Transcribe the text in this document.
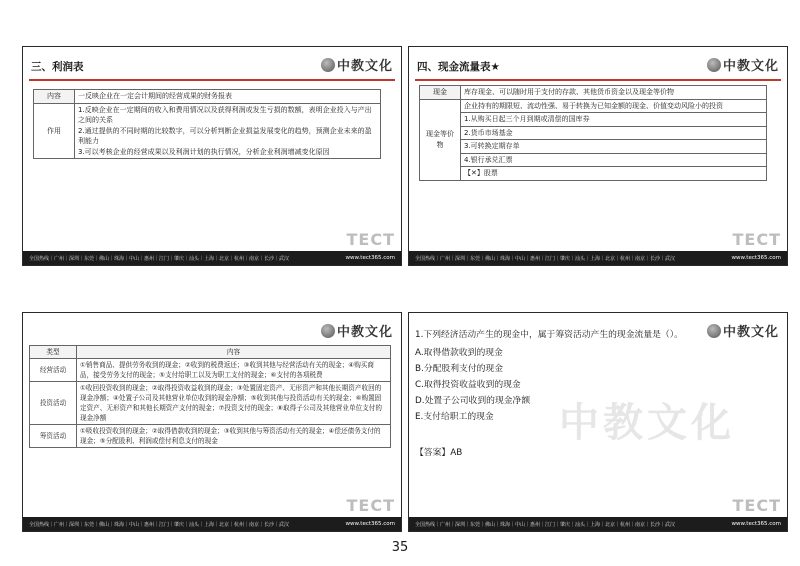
三、利润表	中教文化
内容	一反映企业在一定会计期间的经营成果的财务报表
作用	1.反映企业在一定期间的收入和费用情况以及获得利润或发生亏损的数额，表明企业投入与产出之间的关系
2.通过提供的不同时期的比较数字，可以分析判断企业损益发展变化的趋势，预测企业未来的盈利能力
3.可以考核企业的经营成果以及利润计划的执行情况，分析企业利润增减变化原因
TECT
全国热线｜广州｜深圳｜东莞｜佛山｜珠海｜中山｜惠州｜江门｜肇庆｜汕头｜上海｜北京｜杭州｜南京｜长沙｜武汉	www.tect365.com
四、现金流量表★	中教文化
现金	库存现金、可以随时用于支付的存款、其他货币资金以及现金等价物
现金等价物	企业持有的期限短、流动性强、易于转换为已知金额的现金、价值变动风险小的投资
	1.从购买日起三个月到期或清偿的国库券
	2.货币市场基金
	3.可转换定期存单
	4.银行承兑汇票
	【✕】股票
TECT
全国热线｜广州｜深圳｜东莞｜佛山｜珠海｜中山｜惠州｜江门｜肇庆｜汕头｜上海｜北京｜杭州｜南京｜长沙｜武汉	www.tect365.com
中教文化
类型	内容
经营活动	①销售商品、提供劳务收到的现金；②收到的税费返还；③收到其他与经营活动有关的现金；④购买商品，接受劳务支付的现金；⑤支付给职工以及为职工支付的现金；⑥支付的各项税费
投资活动	①收回投资收到的现金；②取得投资收益收到的现金；③处置固定资产、无形资产和其他长期资产收回的现金净额；④处置子公司及其他营业单位收到的现金净额；⑤收到其他与投资活动有关的现金；⑥购置固定资产、无形资产和其他长期资产支付的现金；⑦投资支付的现金；⑧取得子公司及其他营业单位支付的现金净额
筹资活动	①吸收投资收到的现金；②取得借款收到的现金；③收到其他与筹资活动有关的现金；④偿还债务支付的现金；⑤分配股利、利润或偿付利息支付的现金
TECT
全国热线｜广州｜深圳｜东莞｜佛山｜珠海｜中山｜惠州｜江门｜肇庆｜汕头｜上海｜北京｜杭州｜南京｜长沙｜武汉	www.tect365.com
中教文化
中教文化
1.下列经济活动产生的现金中，属于筹资活动产生的现金流量是（）。
A.取得借款收到的现金
B.分配股利支付的现金
C.取得投资收益收到的现金
D.处置子公司收到的现金净额
E.支付给职工的现金
【答案】AB
TECT
全国热线｜广州｜深圳｜东莞｜佛山｜珠海｜中山｜惠州｜江门｜肇庆｜汕头｜上海｜北京｜杭州｜南京｜长沙｜武汉	www.tect365.com
35
